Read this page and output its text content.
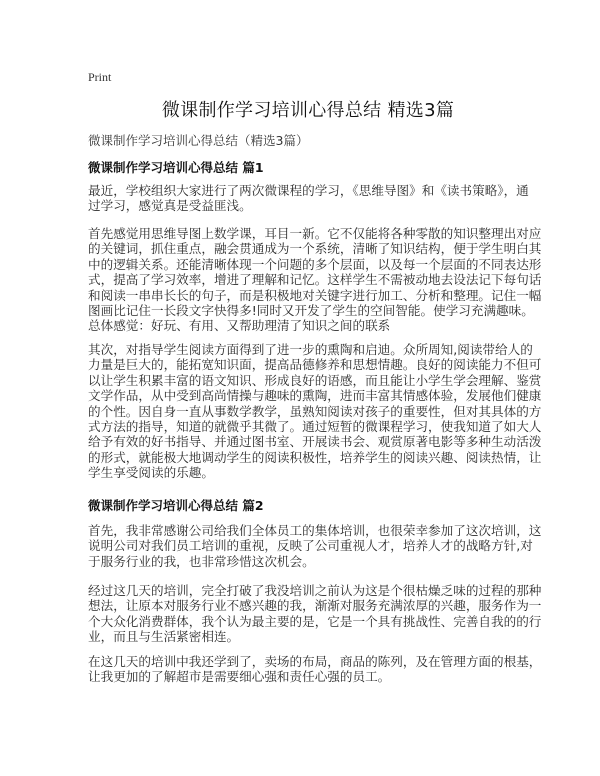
Print
微课制作学习培训心得总结 精选3篇
微课制作学习培训心得总结（精选3篇）
微课制作学习培训心得总结 篇1
最近，学校组织大家进行了两次微课程的学习，《思维导图》和《读书策略》，通
过学习，感觉真是受益匪浅。
首先感觉用思维导图上数学课，耳目一新。它不仅能将各种零散的知识整理出对应
的关键词，抓住重点，融会贯通成为一个系统，清晰了知识结构，便于学生明白其
中的逻辑关系。还能清晰体现一个问题的多个层面，以及每一个层面的不同表达形
式，提高了学习效率，增进了理解和记忆。这样学生不需被动地去设法记下每句话
和阅读一串串长长的句子，而是积极地对关键字进行加工、分析和整理。记住一幅
图画比记住一长段文字快得多!同时又开发了学生的空间智能。使学习充满趣味。
总体感觉：好玩、有用、又帮助理清了知识之间的联系
其次，对指导学生阅读方面得到了进一步的熏陶和启迪。众所周知,阅读带给人的
力量是巨大的，能拓宽知识面，提高品德修养和思想情趣。良好的阅读能力不但可
以让学生积累丰富的语文知识、形成良好的语感，而且能让小学生学会理解、鉴赏
文学作品，从中受到高尚情操与趣味的熏陶，进而丰富其情感体验，发展他们健康
的个性。因自身一直从事数学教学，虽熟知阅读对孩子的重要性，但对其具体的方
式方法的指导，知道的就微乎其微了。通过短暂的微课程学习，使我知道了如大人
给予有效的好书指导、并通过图书室、开展读书会、观赏原著电影等多种生动活泼
的形式，就能极大地调动学生的阅读积极性，培养学生的阅读兴趣、阅读热情，让
学生享受阅读的乐趣。
微课制作学习培训心得总结 篇2
首先，我非常感谢公司给我们全体员工的集体培训，也很荣幸参加了这次培训，这
说明公司对我们员工培训的重视，反映了公司重视人才，培养人才的战略方针,对
于服务行业的我，也非常珍惜这次机会。
经过这几天的培训，完全打破了我没培训之前认为这是个很枯燥乏味的过程的那种
想法，让原本对服务行业不感兴趣的我，渐渐对服务充满浓厚的兴趣，服务作为一
个大众化消费群体，我个认为最主要的是，它是一个具有挑战性、完善自我的的行
业，而且与生活紧密相连。
在这几天的培训中我还学到了，卖场的布局，商品的陈列，及在管理方面的根基，
让我更加的了解超市是需要细心强和责任心强的员工。
